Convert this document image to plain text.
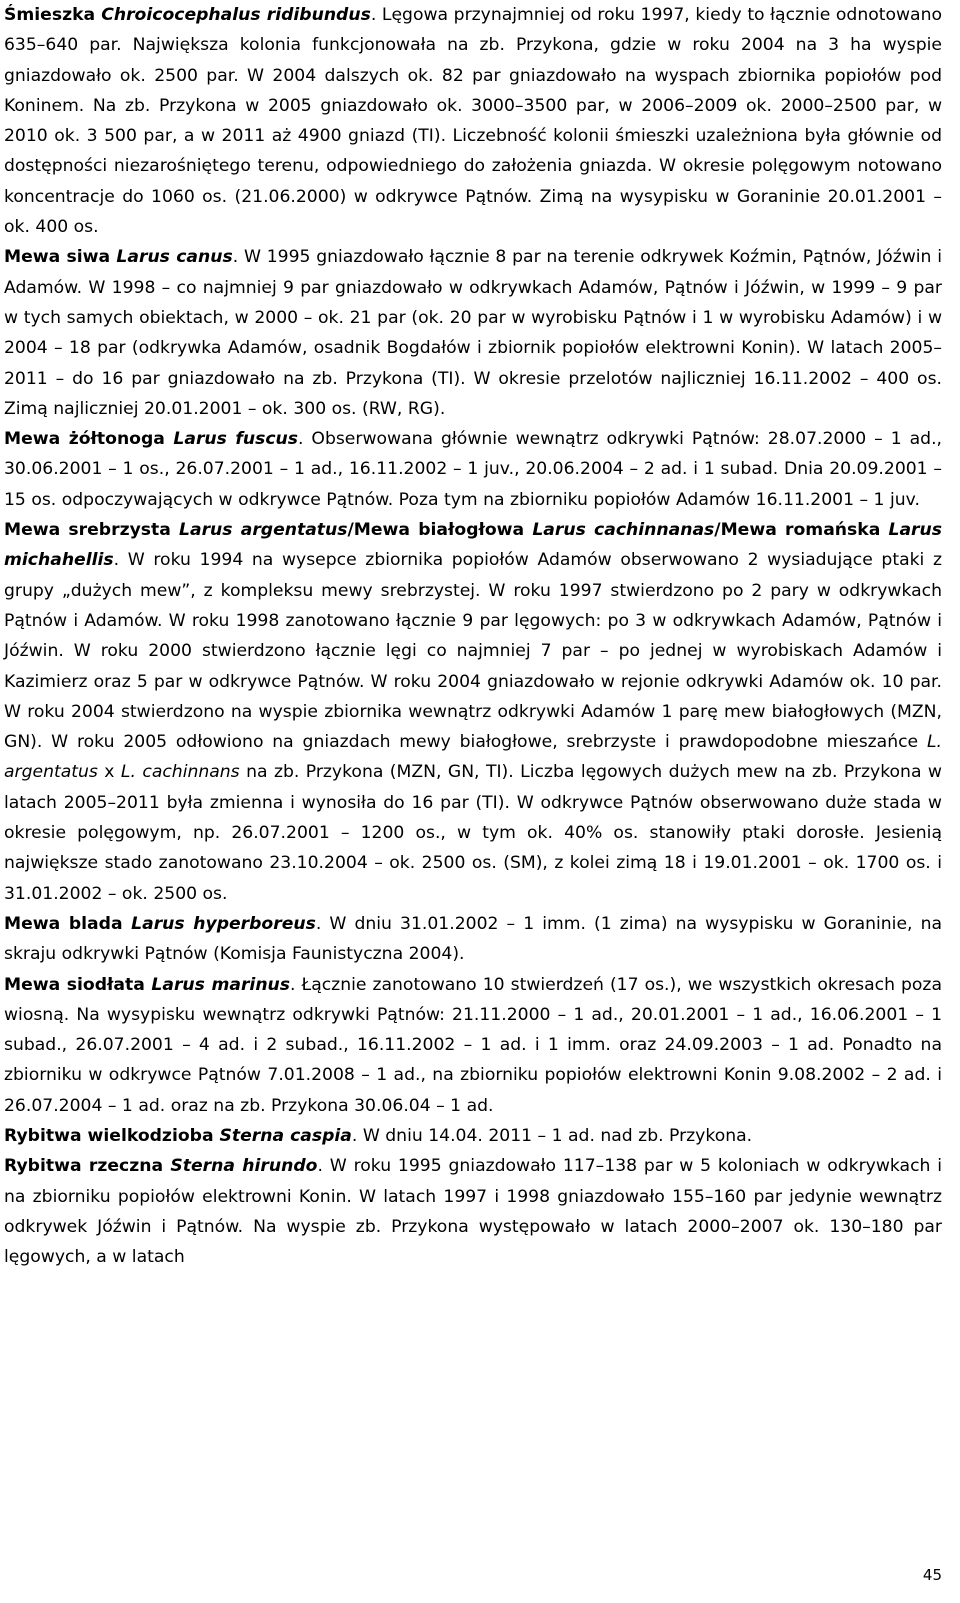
Śmieszka Chroicocephalus ridibundus. Lęgowa przynajmniej od roku 1997, kiedy to łącznie odnotowano 635–640 par. Największa kolonia funkcjonowała na zb. Przykona, gdzie w roku 2004 na 3 ha wyspie gniazdowało ok. 2500 par. W 2004 dalszych ok. 82 par gniazdowało na wyspach zbiornika popiołów pod Koninem. Na zb. Przykona w 2005 gniazdowało ok. 3000–3500 par, w 2006–2009 ok. 2000–2500 par, w 2010 ok. 3 500 par, a w 2011 aż 4900 gniazd (TI). Liczebność kolonii śmieszki uzależniona była głównie od dostępności niezarośniętego terenu, odpowiedniego do założenia gniazda. W okresie polęgowym notowano koncentracje do 1060 os. (21.06.2000) w odkrywce Pątnów. Zimą na wysypisku w Goraninie 20.01.2001 – ok. 400 os.
Mewa siwa Larus canus. W 1995 gniazdowało łącznie 8 par na terenie odkrywek Koźmin, Pątnów, Jóźwin i Adamów. W 1998 – co najmniej 9 par gniazdowało w odkrywkach Adamów, Pątnów i Jóźwin, w 1999 – 9 par w tych samych obiektach, w 2000 – ok. 21 par (ok. 20 par w wyrobisku Pątnów i 1 w wyrobisku Adamów) i w 2004 – 18 par (odkrywka Adamów, osadnik Bogdałów i zbiornik popiołów elektrowni Konin). W latach 2005–2011 – do 16 par gniazdowało na zb. Przykona (TI). W okresie przelotów najliczniej 16.11.2002 – 400 os. Zimą najliczniej 20.01.2001 – ok. 300 os. (RW, RG).
Mewa żółtonoga Larus fuscus. Obserwowana głównie wewnątrz odkrywki Pątnów: 28.07.2000 – 1 ad., 30.06.2001 – 1 os., 26.07.2001 – 1 ad., 16.11.2002 – 1 juv., 20.06.2004 – 2 ad. i 1 subad. Dnia 20.09.2001 – 15 os. odpoczywających w odkrywce Pątnów. Poza tym na zbiorniku popiołów Adamów 16.11.2001 – 1 juv.
Mewa srebrzysta Larus argentatus/Mewa białogłowa Larus cachinnanas/Mewa romańska Larus michahellis. W roku 1994 na wysepce zbiornika popiołów Adamów obserwowano 2 wysiadujące ptaki z grupy „dużych mew”, z kompleksu mewy srebrzystej. W roku 1997 stwierdzono po 2 pary w odkrywkach Pątnów i Adamów. W roku 1998 zanotowano łącznie 9 par lęgowych: po 3 w odkrywkach Adamów, Pątnów i Jóźwin. W roku 2000 stwierdzono łącznie lęgi co najmniej 7 par – po jednej w wyrobiskach Adamów i Kazimierz oraz 5 par w odkrywce Pątnów. W roku 2004 gniazdowało w rejonie odkrywki Adamów ok. 10 par. W roku 2004 stwierdzono na wyspie zbiornika wewnątrz odkrywki Adamów 1 parę mew białogłowych (MZN, GN). W roku 2005 odłowiono na gniazdach mewy białogłowe, srebrzyste i prawdopodobne mieszańce L. argentatus x L. cachinnans na zb. Przykona (MZN, GN, TI). Liczba lęgowych dużych mew na zb. Przykona w latach 2005–2011 była zmienna i wynosiła do 16 par (TI). W odkrywce Pątnów obserwowano duże stada w okresie polęgowym, np. 26.07.2001 – 1200 os., w tym ok. 40% os. stanowiły ptaki dorosłe. Jesienią największe stado zanotowano 23.10.2004 – ok. 2500 os. (SM), z kolei zimą 18 i 19.01.2001 – ok. 1700 os. i 31.01.2002 – ok. 2500 os.
Mewa blada Larus hyperboreus. W dniu 31.01.2002 – 1 imm. (1 zima) na wysypisku w Goraninie, na skraju odkrywki Pątnów (Komisja Faunistyczna 2004).
Mewa siodłata Larus marinus. Łącznie zanotowano 10 stwierdzeń (17 os.), we wszystkich okresach poza wiosną. Na wysypisku wewnątrz odkrywki Pątnów: 21.11.2000 – 1 ad., 20.01.2001 – 1 ad., 16.06.2001 – 1 subad., 26.07.2001 – 4 ad. i 2 subad., 16.11.2002 – 1 ad. i 1 imm. oraz 24.09.2003 – 1 ad. Ponadto na zbiorniku w odkrywce Pątnów 7.01.2008 – 1 ad., na zbiorniku popiołów elektrowni Konin 9.08.2002 – 2 ad. i 26.07.2004 – 1 ad. oraz na zb. Przykona 30.06.04 – 1 ad.
Rybitwa wielkodzioba Sterna caspia. W dniu 14.04. 2011 – 1 ad. nad zb. Przykona.
Rybitwa rzeczna Sterna hirundo. W roku 1995 gniazdowało 117–138 par w 5 koloniach w odkrywkach i na zbiorniku popiołów elektrowni Konin. W latach 1997 i 1998 gniazdowało 155–160 par jedynie wewnątrz odkrywek Jóźwin i Pątnów. Na wyspie zb. Przykona występowało w latach 2000–2007 ok. 130–180 par lęgowych, a w latach
45
